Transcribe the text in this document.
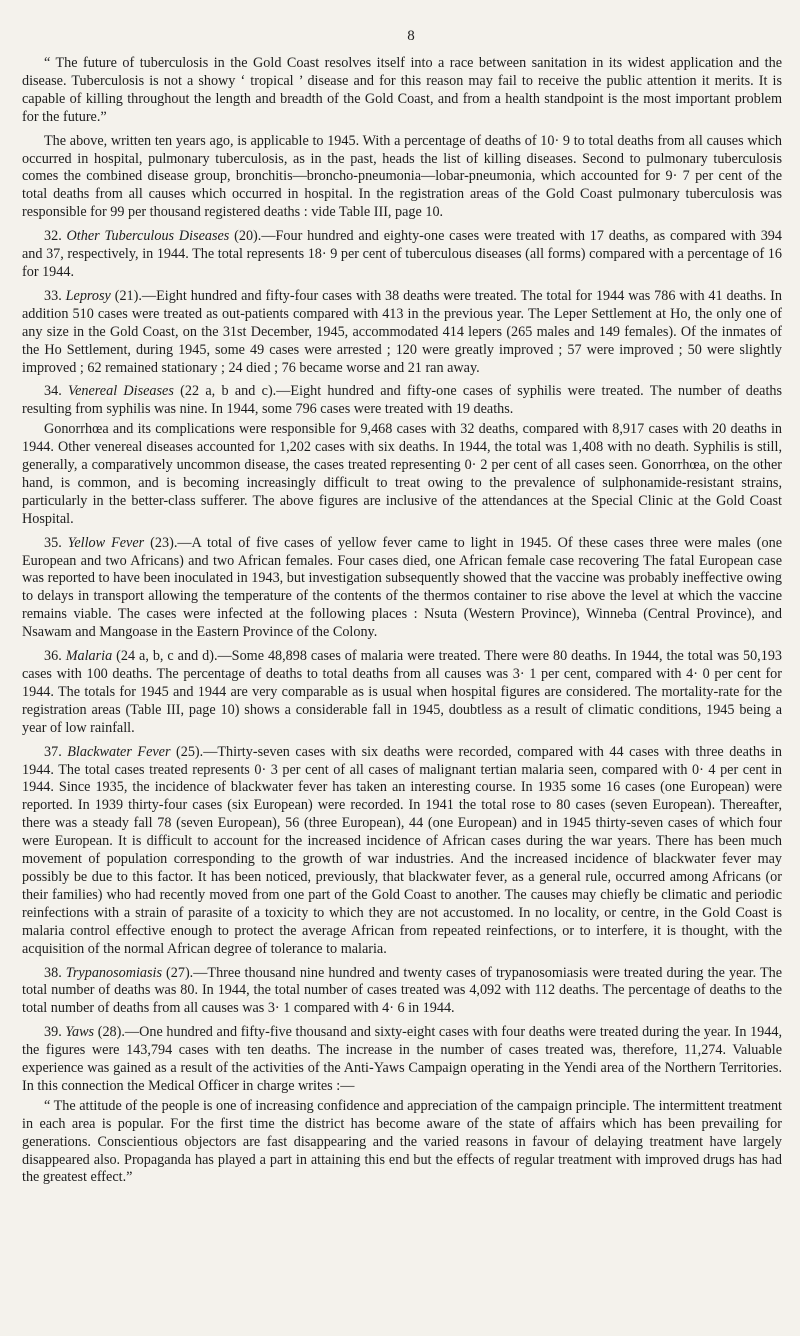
8

“ The future of tuberculosis in the Gold Coast resolves itself into a race between sanitation in its widest application and the disease. Tuberculosis is not a showy ‘ tropical ’ disease and for this reason may fail to receive the public attention it merits. It is capable of killing throughout the length and breadth of the Gold Coast, and from a health standpoint is the most important problem for the future.”

The above, written ten years ago, is applicable to 1945. With a percentage of deaths of 10· 9 to total deaths from all causes which occurred in hospital, pulmonary tuberculosis, as in the past, heads the list of killing diseases. Second to pulmonary tuberculosis comes the combined disease group, bronchitis—broncho-pneumonia—lobar-pneumonia, which accounted for 9· 7 per cent of the total deaths from all causes which occurred in hospital. In the registration areas of the Gold Coast pulmonary tuberculosis was responsible for 99 per thousand registered deaths : vide Table III, page 10.

32. Other Tuberculous Diseases (20).—Four hundred and eighty-one cases were treated with 17 deaths, as compared with 394 and 37, respectively, in 1944. The total represents 18· 9 per cent of tuberculous diseases (all forms) compared with a percentage of 16 for 1944.

33. Leprosy (21).—Eight hundred and fifty-four cases with 38 deaths were treated. The total for 1944 was 786 with 41 deaths. In addition 510 cases were treated as out-patients compared with 413 in the previous year. The Leper Settlement at Ho, the only one of any size in the Gold Coast, on the 31st December, 1945, accommodated 414 lepers (265 males and 149 females). Of the inmates of the Ho Settlement, during 1945, some 49 cases were arrested ; 120 were greatly improved ; 57 were improved ; 50 were slightly improved ; 62 remained stationary ; 24 died ; 76 became worse and 21 ran away.

34. Venereal Diseases (22 a, b and c).—Eight hundred and fifty-one cases of syphilis were treated. The number of deaths resulting from syphilis was nine. In 1944, some 796 cases were treated with 19 deaths.

Gonorrhœa and its complications were responsible for 9,468 cases with 32 deaths, compared with 8,917 cases with 20 deaths in 1944. Other venereal diseases accounted for 1,202 cases with six deaths. In 1944, the total was 1,408 with no death. Syphilis is still, generally, a comparatively uncommon disease, the cases treated representing 0· 2 per cent of all cases seen. Gonorrhœa, on the other hand, is common, and is becoming increasingly difficult to treat owing to the prevalence of sulphonamide-resistant strains, particularly in the better-class sufferer. The above figures are inclusive of the attendances at the Special Clinic at the Gold Coast Hospital.

35. Yellow Fever (23).—A total of five cases of yellow fever came to light in 1945. Of these cases three were males (one European and two Africans) and two African females. Four cases died, one African female case recovering The fatal European case was reported to have been inoculated in 1943, but investigation subsequently showed that the vaccine was probably ineffective owing to delays in transport allowing the temperature of the contents of the thermos container to rise above the level at which the vaccine remains viable. The cases were infected at the following places : Nsuta (Western Province), Winneba (Central Province), and Nsawam and Mangoase in the Eastern Province of the Colony.

36. Malaria (24 a, b, c and d).—Some 48,898 cases of malaria were treated. There were 80 deaths. In 1944, the total was 50,193 cases with 100 deaths. The percentage of deaths to total deaths from all causes was 3· 1 per cent, compared with 4· 0 per cent for 1944. The totals for 1945 and 1944 are very comparable as is usual when hospital figures are considered. The mortality-rate for the registration areas (Table III, page 10) shows a considerable fall in 1945, doubtless as a result of climatic conditions, 1945 being a year of low rainfall.

37. Blackwater Fever (25).—Thirty-seven cases with six deaths were recorded, compared with 44 cases with three deaths in 1944. The total cases treated represents 0· 3 per cent of all cases of malignant tertian malaria seen, compared with 0· 4 per cent in 1944. Since 1935, the incidence of blackwater fever has taken an interesting course. In 1935 some 16 cases (one European) were reported. In 1939 thirty-four cases (six European) were recorded. In 1941 the total rose to 80 cases (seven European). Thereafter, there was a steady fall 78 (seven European), 56 (three European), 44 (one European) and in 1945 thirty-seven cases of which four were European. It is difficult to account for the increased incidence of African cases during the war years. There has been much movement of population corresponding to the growth of war industries. And the increased incidence of blackwater fever may possibly be due to this factor. It has been noticed, previously, that blackwater fever, as a general rule, occurred among Africans (or their families) who had recently moved from one part of the Gold Coast to another. The causes may chiefly be climatic and periodic reinfections with a strain of parasite of a toxicity to which they are not accustomed. In no locality, or centre, in the Gold Coast is malaria control effective enough to protect the average African from repeated reinfections, or to interfere, it is thought, with the acquisition of the normal African degree of tolerance to malaria.

38. Trypanosomiasis (27).—Three thousand nine hundred and twenty cases of trypanosomiasis were treated during the year. The total number of deaths was 80. In 1944, the total number of cases treated was 4,092 with 112 deaths. The percentage of deaths to the total number of deaths from all causes was 3· 1 compared with 4· 6 in 1944.

39. Yaws (28).—One hundred and fifty-five thousand and sixty-eight cases with four deaths were treated during the year. In 1944, the figures were 143,794 cases with ten deaths. The increase in the number of cases treated was, therefore, 11,274. Valuable experience was gained as a result of the activities of the Anti-Yaws Campaign operating in the Yendi area of the Northern Territories. In this connection the Medical Officer in charge writes :—

“ The attitude of the people is one of increasing confidence and appreciation of the campaign principle. The intermittent treatment in each area is popular. For the first time the district has become aware of the state of affairs which has been prevailing for generations. Conscientious objectors are fast disappearing and the varied reasons in favour of delaying treatment have largely disappeared also. Propaganda has played a part in attaining this end but the effects of regular treatment with improved drugs has had the greatest effect.”
